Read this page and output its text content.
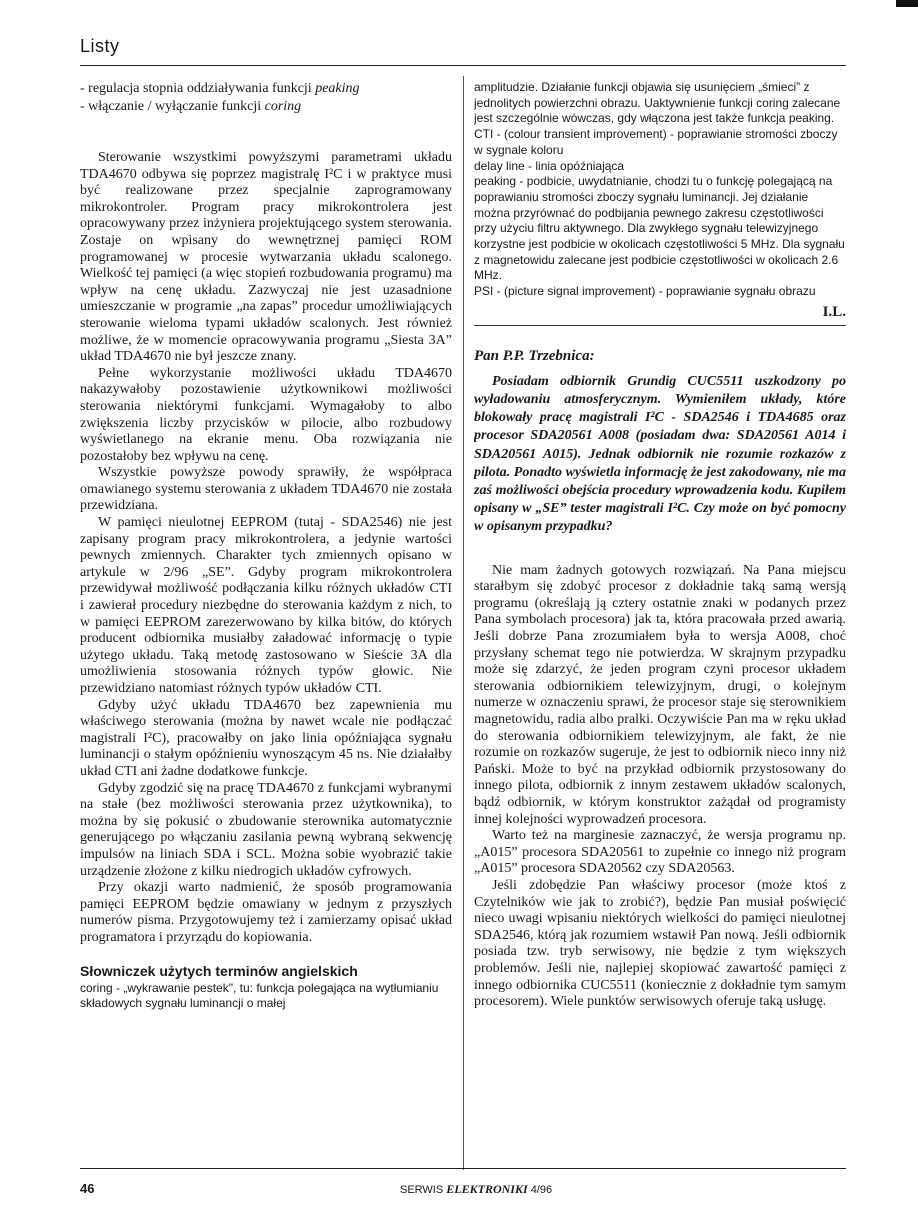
Listy
- regulacja stopnia oddziaływania funkcji peaking
- włączanie / wyłączanie funkcji coring

Sterowanie wszystkimi powyższymi parametrami układu TDA4670 odbywa się poprzez magistralę I²C i w praktyce musi być realizowane przez specjalnie zaprogramowany mikrokontroler. Program pracy mikrokontrolera jest opracowywany przez inżyniera projektującego system sterowania. Zostaje on wpisany do wewnętrznej pamięci ROM programowanej w procesie wytwarzania układu scalonego. Wielkość tej pamięci (a więc stopień rozbudowania programu) ma wpływ na cenę układu. Zazwyczaj nie jest uzasadnione umieszczanie w programie „na zapas” procedur umożliwiających sterowanie wieloma typami układów scalonych. Jest również możliwe, że w momencie opracowywania programu „Siesta 3A” układ TDA4670 nie był jeszcze znany.

Pełne wykorzystanie możliwości układu TDA4670 nakazywałoby pozostawienie użytkownikowi możliwości sterowania niektórymi funkcjami. Wymagałoby to albo zwiększenia liczby przycisków w pilocie, albo rozbudowy wyświetlanego na ekranie menu. Oba rozwiązania nie pozostałoby bez wpływu na cenę.

Wszystkie powyższe powody sprawiły, że współpraca omawianego systemu sterowania z układem TDA4670 nie została przewidziana.

W pamięci nieulotnej EEPROM (tutaj - SDA2546) nie jest zapisany program pracy mikrokontrolera, a jedynie wartości pewnych zmiennych. Charakter tych zmiennych opisano w artykule w 2/96 „SE”. Gdyby program mikrokontrolera przewidywał możliwość podłączania kilku różnych układów CTI i zawierał procedury niezbędne do sterowania każdym z nich, to w pamięci EEPROM zarezerwowano by kilka bitów, do których producent odbiornika musiałby załadować informację o typie użytego układu. Taką metodę zastosowano w Siеście 3A dla umożliwienia stosowania różnych typów głowic. Nie przewidziano natomiast różnych typów układów CTI.

Gdyby użyć układu TDA4670 bez zapewnienia mu właściwego sterowania (można by nawet wcale nie podłączać magistrali I²C), pracowałby on jako linia opóźniająca sygnału luminancji o stałym opóźnieniu wynoszącym 45 ns. Nie działałby układ CTI ani żadne dodatkowe funkcje.

Gdyby zgodzić się na pracę TDA4670 z funkcjami wybranymi na stałe (bez możliwości sterowania przez użytkownika), to można by się pokusić o zbudowanie sterownika automatycznie generującego po włączaniu zasilania pewną wybraną sekwencję impulsów na liniach SDA i SCL. Można sobie wyobrazić takie urządzenie złożone z kilku niedrogich układów cyfrowych.

Przy okazji warto nadmienić, że sposób programowania pamięci EEPROM będzie omawiany w jednym z przyszłych numerów pisma. Przygotowujemy też i zamierzamy opisać układ programatora i przyrządu do kopiowania.

Słowniczek użytych terminów angielskich

coring - „wykrawanie pestek", tu: funkcja polegająca na wytłumianiu składowych sygnału luminancji o małej

amplitudzie. Działanie funkcji objawia się usunięciem „śmieci” z jednolitych powierzchni obrazu. Uaktywnienie funkcji coring zalecane jest szczególnie wówczas, gdy włączona jest także funkcja peaking.

CTI - (colour transient improvement) - poprawianie stromości zboczy w sygnale koloru

delay line - linia opóźniająca

peaking - podbicie, uwydatnianie, chodzi tu o funkcję polegającą na poprawianiu stromości zboczy sygnału luminancji. Jej działanie można przyrównać do podbijania pewnego zakresu częstotliwości przy użyciu filtru aktywnego. Dla zwykłego sygnału telewizyjnego korzystne jest podbicie w okolicach częstotliwości 5 MHz. Dla sygnału z magnetowidu zalecane jest podbicie częstotliwości w okolicach 2.6 MHz.

PSI - (picture signal improvement) - poprawianie sygnału obrazu

I.L.

Pan P.P. Trzebnica:

Posiadam odbiornik Grundig CUC5511 uszkodzony po wyładowaniu atmosferycznym. Wymieniłem układy, które blokowały pracę magistrali I²C - SDA2546 i TDA4685 oraz procesor SDA20561 A008 (posiadam dwa: SDA20561 A014 i SDA20561 A015). Jednak odbiornik nie rozumie rozkazów z pilota. Ponadto wyświetla informację że jest zakodowany, nie ma zaś możliwości obejścia procedury wprowadzenia kodu. Kupiłem opisany w „SE” tester magistrali I²C. Czy może on być pomocny w opisanym przypadku?

Nie mam żadnych gotowych rozwiązań. Na Pana miejscu starałbym się zdobyć procesor z dokładnie taką samą wersją programu (określają ją cztery ostatnie znaki w podanych przez Pana symbolach procesora) jak ta, która pracowała przed awarią. Jeśli dobrze Pana zrozumiałem była to wersja A008, choć przysłany schemat tego nie potwierdza. W skrajnym przypadku może się zdarzyć, że jeden program czyni procesor układem sterowania odbiornikiem telewizyjnym, drugi, o kolejnym numerze w oznaczeniu sprawi, że procesor staje się sterownikiem magnetowidu, radia albo pralki. Oczywiście Pan ma w ręku układ do sterowania odbiornikiem telewizyjnym, ale fakt, że nie rozumie on rozkazów sugeruje, że jest to odbiornik nieco inny niż Pański. Może to być na przykład odbiornik przystosowany do innego pilota, odbiornik z innym zestawem układów scalonych, bądź odbiornik, w którym konstruktor zażądał od programisty innej kolejności wyprowadzeń procesora.

Warto też na marginesie zaznaczyć, że wersja programu np. „A015” procesora SDA20561 to zupełnie co innego niż program „A015” procesora SDA20562 czy SDA20563.

Jeśli zdobędzie Pan właściwy procesor (może ktoś z Czytelników wie jak to zrobić?), będzie Pan musiał poświęcić nieco uwagi wpisaniu niektórych wielkości do pamięci nieulotnej SDA2546, którą jak rozumiem wstawił Pan nową. Jeśli odbiornik posiada tzw. tryb serwisowy, nie będzie z tym większych problemów. Jeśli nie, najlepiej skopiować zawartość pamięci z innego odbiornika CUC5511 (koniecznie z dokładnie tym samym procesorem). Wiele punktów serwisowych oferuje taką usługę.

46	SERWIS ELEKTRONIKI 4/96
